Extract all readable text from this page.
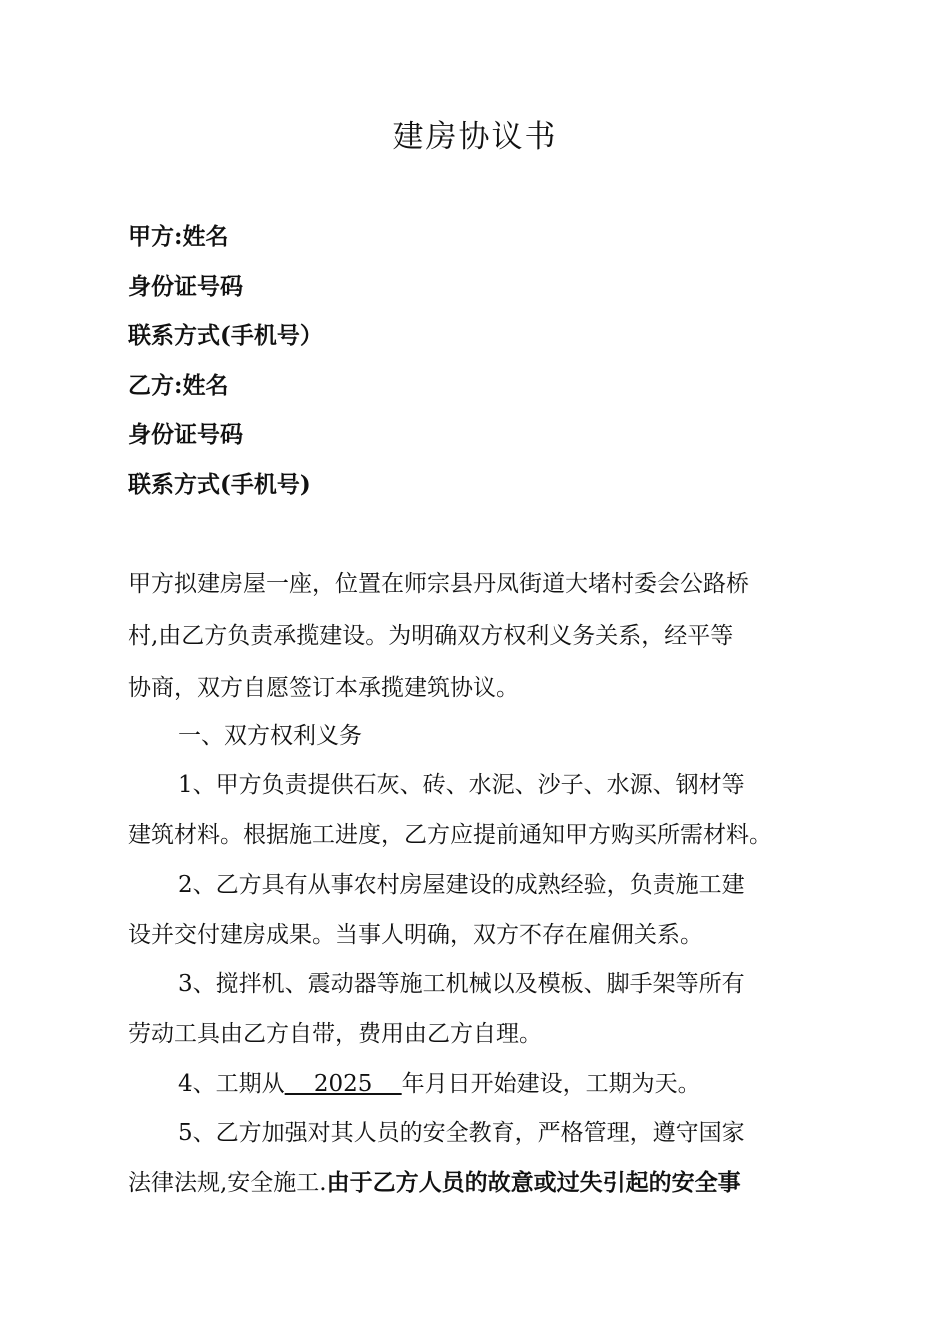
建房协议书
甲方:姓名
身份证号码
联系方式(手机号）
乙方:姓名
身份证号码
联系方式(手机号)
甲方拟建房屋一座，位置在师宗县丹凤街道大堵村委会公路桥
村,由乙方负责承揽建设。为明确双方权利义务关系，经平等
协商，双方自愿签订本承揽建筑协议。
一、双方权利义务
1、甲方负责提供石灰、砖、水泥、沙子、水源、钢材等
建筑材料。根据施工进度，乙方应提前通知甲方购买所需材料。
2、乙方具有从事农村房屋建设的成熟经验，负责施工建
设并交付建房成果。当事人明确，双方不存在雇佣关系。
3、搅拌机、震动器等施工机械以及模板、脚手架等所有
劳动工具由乙方自带，费用由乙方自理。
4、工期从    2025    年月日开始建设，工期为天。
5、乙方加强对其人员的安全教育，严格管理，遵守国家
法律法规,安全施工.由于乙方人员的故意或过失引起的安全事
